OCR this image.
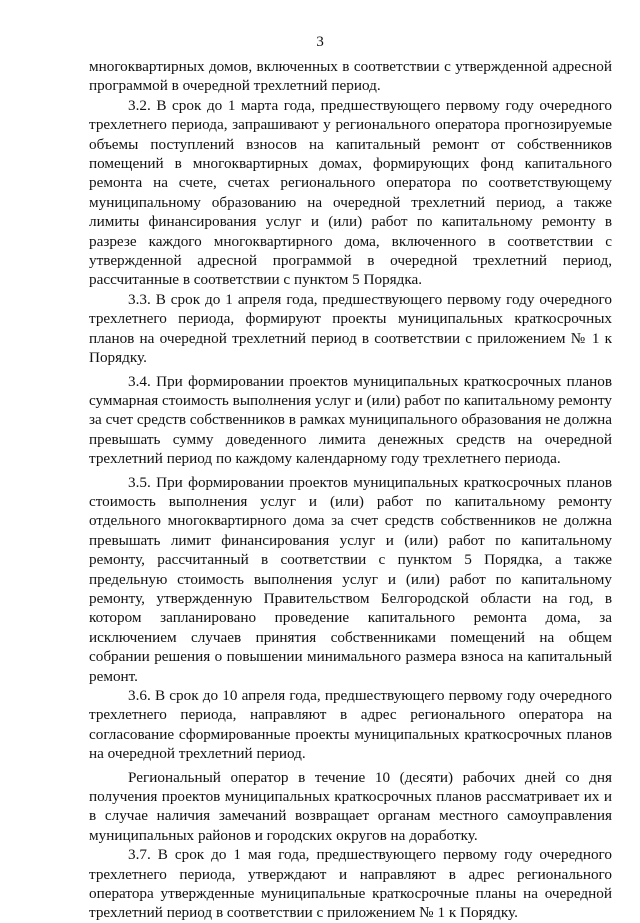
3

многоквартирных домов, включенных в соответствии с утвержденной адресной программой в очередной трехлетний период.

3.2. В срок до 1 марта года, предшествующего первому году очередного трехлетнего периода, запрашивают у регионального оператора прогнозируемые объемы поступлений взносов на капитальный ремонт от собственников помещений в многоквартирных домах, формирующих фонд капитального ремонта на счете, счетах регионального оператора по соответствующему муниципальному образованию на очередной трехлетний период, а также лимиты финансирования услуг и (или) работ по капитальному ремонту в разрезе каждого многоквартирного дома, включенного в соответствии с утвержденной адресной программой в очередной трехлетний период, рассчитанные в соответствии с пунктом 5 Порядка.

3.3. В срок до 1 апреля года, предшествующего первому году очередного трехлетнего периода, формируют проекты муниципальных краткосрочных планов на очередной трехлетний период в соответствии с приложением № 1 к Порядку.

3.4. При формировании проектов муниципальных краткосрочных планов суммарная стоимость выполнения услуг и (или) работ по капитальному ремонту за счет средств собственников в рамках муниципального образования не должна превышать сумму доведенного лимита денежных средств на очередной трехлетний период по каждому календарному году трехлетнего периода.

3.5. При формировании проектов муниципальных краткосрочных планов стоимость выполнения услуг и (или) работ по капитальному ремонту отдельного многоквартирного дома за счет средств собственников не должна превышать лимит финансирования услуг и (или) работ по капитальному ремонту, рассчитанный в соответствии с пунктом 5 Порядка, а также предельную стоимость выполнения услуг и (или) работ по капитальному ремонту, утвержденную Правительством Белгородской области на год, в котором запланировано проведение капитального ремонта дома, за исключением случаев принятия собственниками помещений на общем собрании решения о повышении минимального размера взноса на капитальный ремонт.

3.6. В срок до 10 апреля года, предшествующего первому году очередного трехлетнего периода, направляют в адрес регионального оператора на согласование сформированные проекты муниципальных краткосрочных планов на очередной трехлетний период.

Региональный оператор в течение 10 (десяти) рабочих дней со дня получения проектов муниципальных краткосрочных планов рассматривает их и в случае наличия замечаний возвращает органам местного самоуправления муниципальных районов и городских округов на доработку.

3.7. В срок до 1 мая года, предшествующего первому году очередного трехлетнего периода, утверждают и направляют в адрес регионального оператора утвержденные муниципальные краткосрочные планы на очередной трехлетний период в соответствии с приложением № 1 к Порядку.
